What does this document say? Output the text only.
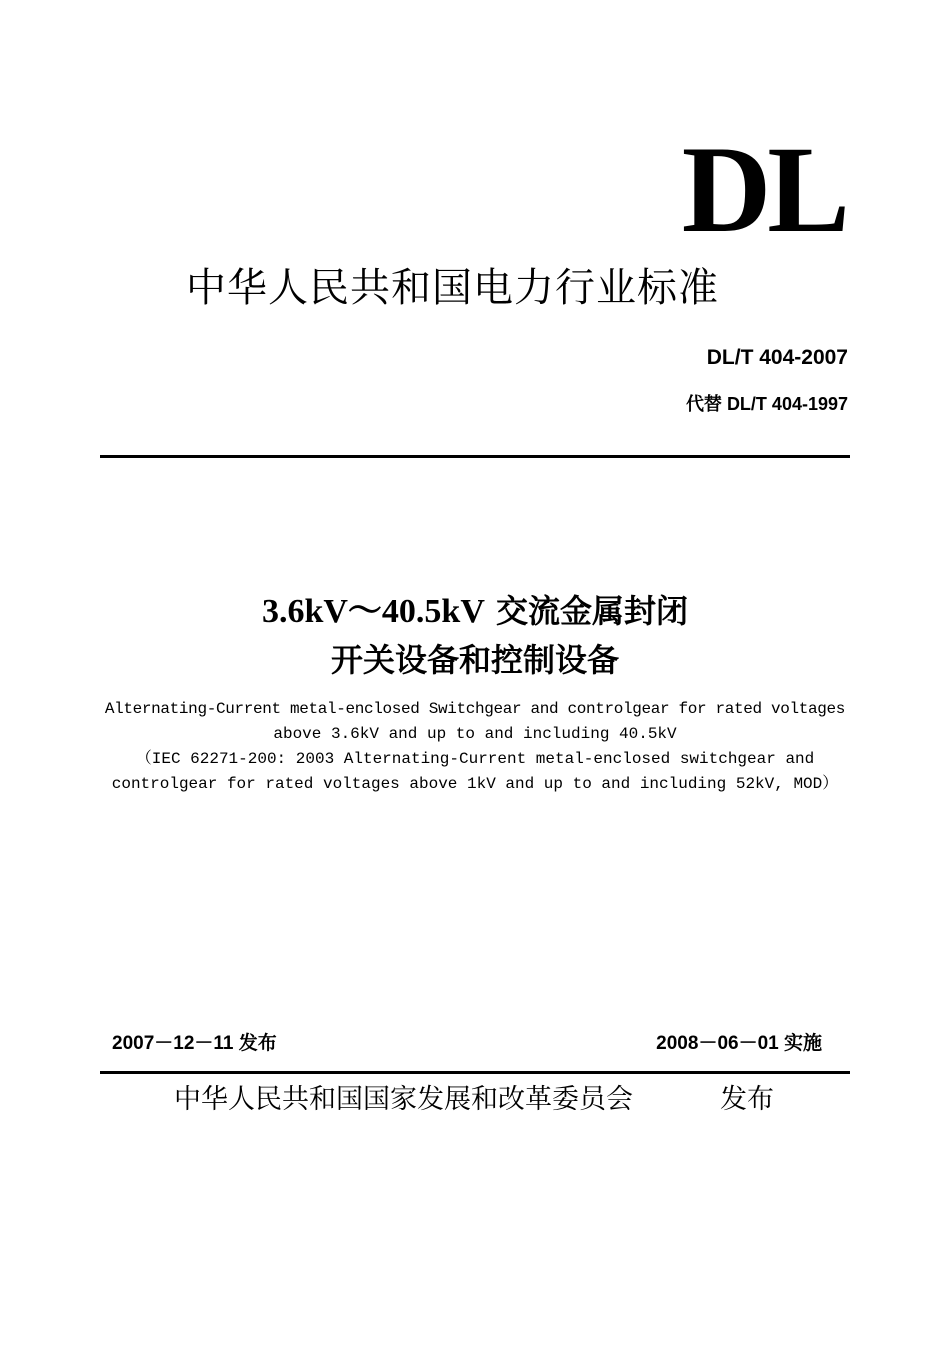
DL
中华人民共和国电力行业标准
DL/T 404-2007
代替 DL/T 404-1997
3.6kV～40.5kV 交流金属封闭
开关设备和控制设备
Alternating-Current metal-enclosed Switchgear and controlgear for rated voltages
above 3.6kV and up to and including 40.5kV
（IEC 62271-200: 2003 Alternating-Current metal-enclosed switchgear and
controlgear for rated voltages above 1kV and up to and including 52kV, MOD）
2007－12－11 发布	2008－06－01 实施
中华人民共和国国家发展和改革委员会	发布
